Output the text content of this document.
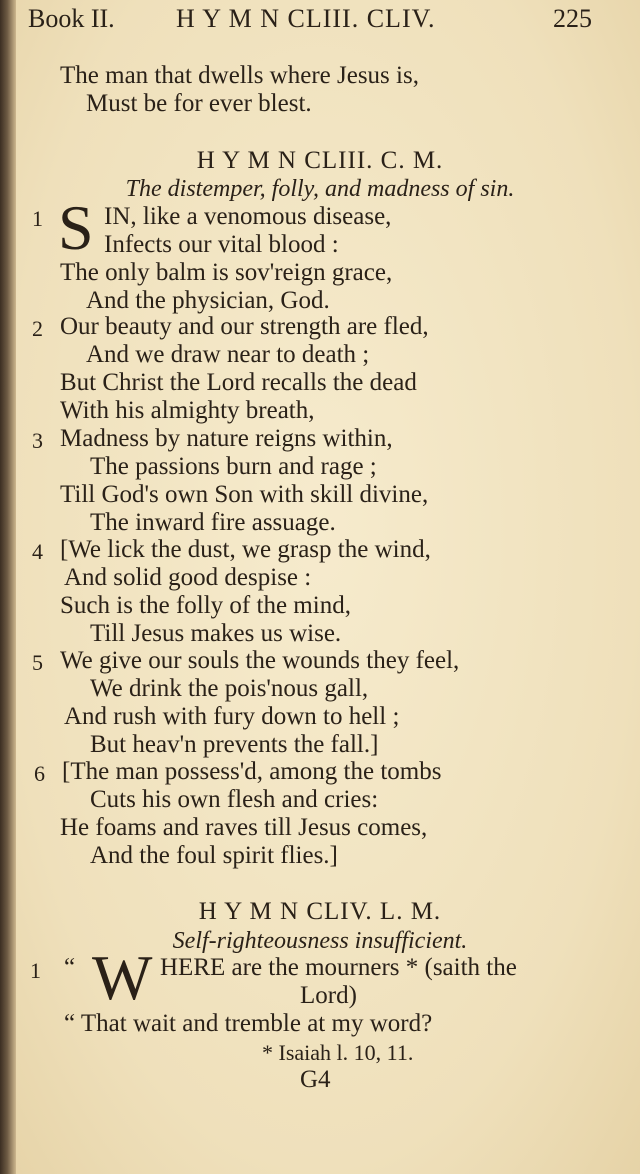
Book II. H Y M N CLIII. CLIV.	225
The man that dwells where Jesus is,
Must be for ever blest.
H Y M N CLIII. C. M.
The distemper, folly, and madness of sin.
1 S IN, like a venomous disease,
Infects our vital blood :
The only balm is sov'reign grace,
And the physician, God.
2 Our beauty and our strength are fled,
And we draw near to death ;
But Christ the Lord recalls the dead
With his almighty breath,
3 Madness by nature reigns within,
The passions burn and rage ;
Till God's own Son with skill divine,
The inward fire assuage.
4 [We lick the dust, we grasp the wind,
And solid good despise :
Such is the folly of the mind,
Till Jesus makes us wise.
5 We give our souls the wounds they feel,
We drink the pois'nous gall,
And rush with fury down to hell ;
But heav'n prevents the fall.]
6 [The man possess'd, among the tombs
Cuts his own flesh and cries:
He foams and raves till Jesus comes,
And the foul spirit flies.]
H Y M N CLIV. L. M.
Self-righteousness insufficient.
1 “ W HERE are the mourners * (saith the
Lord)
“ That wait and tremble at my word?
* Isaiah l. 10, 11.
G4
